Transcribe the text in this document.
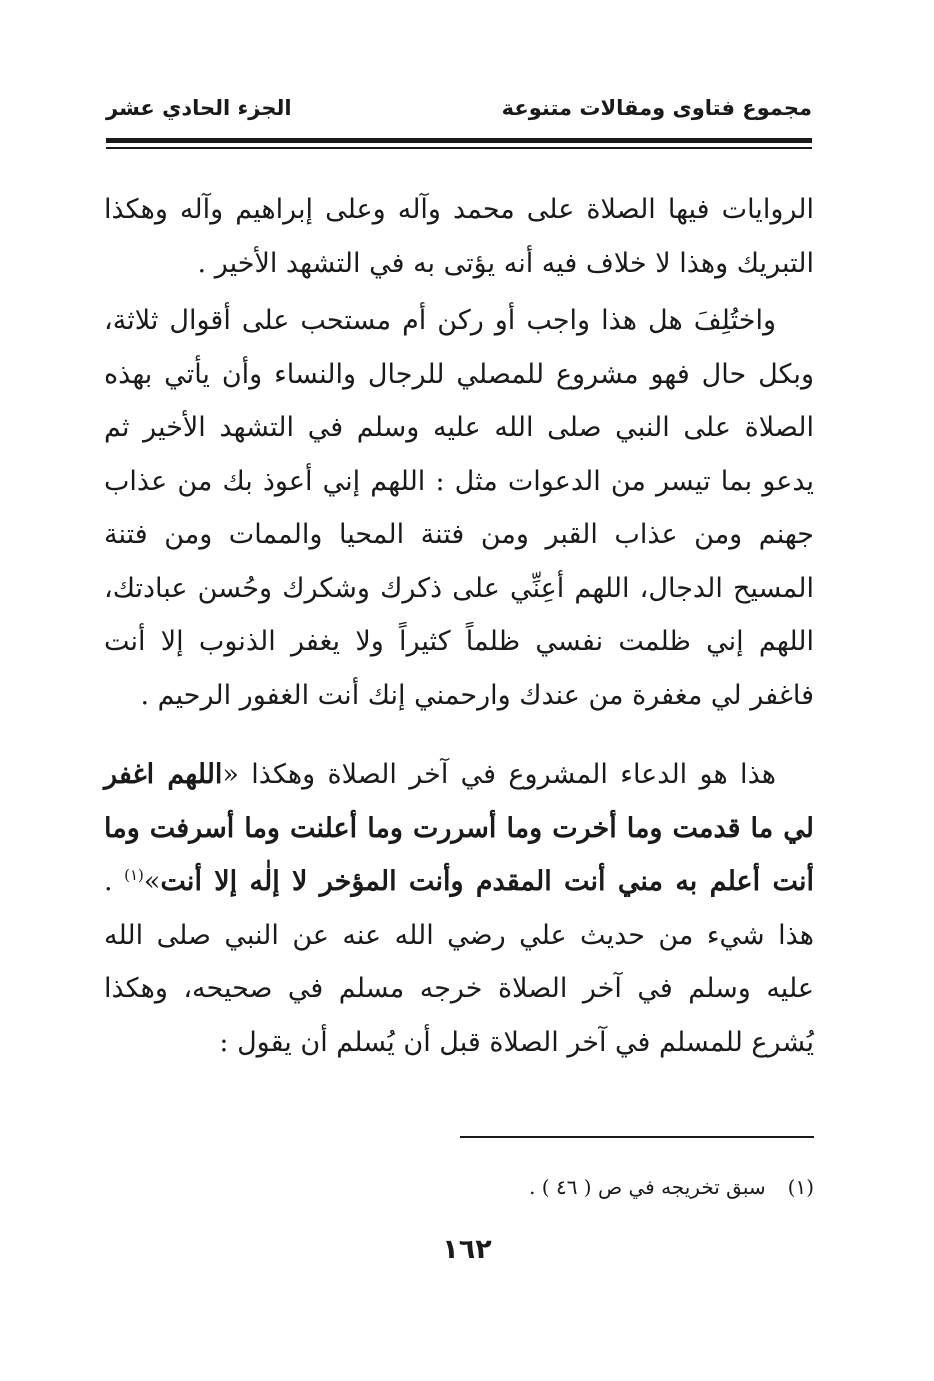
مجموع فتاوى ومقالات متنوعة
الجزء الحادي عشر

الروايات فيها الصلاة على محمد وآله وعلى إبراهيم وآله وهكذا التبريك وهذا لا خلاف فيه أنه يؤتى به في التشهد الأخير .

واختُلِفَ هل هذا واجب أو ركن أم مستحب على أقوال ثلاثة، وبكل حال فهو مشروع للمصلي للرجال والنساء وأن يأتي بهذه الصلاة على النبي صلى الله عليه وسلم في التشهد الأخير ثم يدعو بما تيسر من الدعوات مثل : اللهم إني أعوذ بك من عذاب جهنم ومن عذاب القبر ومن فتنة المحيا والممات ومن فتنة المسيح الدجال، اللهم أعِنِّي على ذكرك وشكرك وحُسن عبادتك، اللهم إني ظلمت نفسي ظلماً كثيراً ولا يغفر الذنوب إلا أنت فاغفر لي مغفرة من عندك وارحمني إنك أنت الغفور الرحيم .

هذا هو الدعاء المشروع في آخر الصلاة وهكذا «اللهم اغفر لي ما قدمت وما أخرت وما أسررت وما أعلنت وما أسرفت وما أنت أعلم به مني أنت المقدم وأنت المؤخر لا إلٰه إلا أنت»$^{(١)}$ . هذا شيء من حديث علي رضي الله عنه عن النبي صلى الله عليه وسلم في آخر الصلاة خرجه مسلم في صحيحه، وهكذا يُشرع للمسلم في آخر الصلاة قبل أن يُسلم أن يقول :

(١)سبق تخريجه في ص ( ٤٦ ) .
١٦٢
